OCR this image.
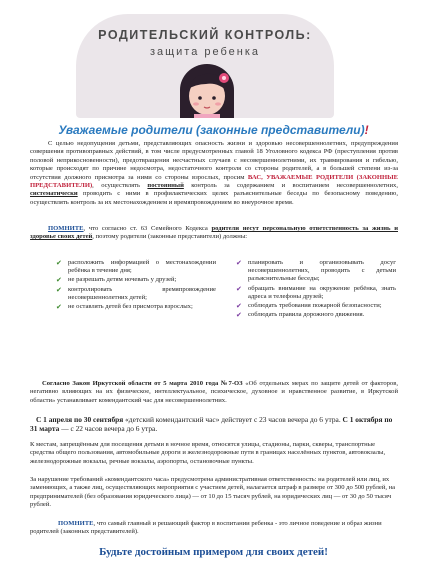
РОДИТЕЛЬСКИЙ КОНТРОЛЬ:
защита ребенка
Уважаемые родители (законные представители)!
С целью недопущения детьми, представляющих опасность жизни и здоровью несовершеннолетних, предупреждения совершения противоправных действий, в том числе предусмотренных главой 18 Уголовного кодекса РФ (преступления против половой неприкосновенности), предотвращения несчастных случаев с несовершеннолетними, их травмирования и гибелью, которые происходят по причине недосмотра, недостаточного контроля со стороны родителей, а в большей степени из-за отсутствия должного присмотра за ними со стороны взрослых, просим ВАС, УВАЖАЕМЫЕ РОДИТЕЛИ (ЗАКОННЫЕ ПРЕДСТАВИТЕЛИ), осуществлять постоянный контроль за содержанием и воспитанием несовершеннолетних, систематически проводить с ними в профилактических целях разъяснительные беседы по безопасному поведению, осуществлять контроль за их местонахождением и времяпровождением во внеурочное время.
ПОМНИТЕ, что согласно ст. 63 Семейного Кодекса родители несут персональную ответственность за жизнь и здоровье своих детей, поэтому родители (законные представители) должны:
✔ расположить информацией о местонахождении ребёнка в течение дня;
✔ не разрешать детям ночевать у друзей;
✔ контролировать времяпровождение несовершеннолетних детей;
✔ не оставлять детей без присмотра взрослых;
✔ планировать и организовывать досуг несовершеннолетних, проводить с детьми разъяснительные беседы;
✔ обращать внимание на окружение ребёнка, знать адреса и телефоны друзей;
✔ соблюдать требования пожарной безопасности;
✔ соблюдать правила дорожного движения.
Согласно Закон Иркутской области от 5 марта 2010 года №7-ОЗ «Об отдельных мерах по защите детей от факторов, негативно влияющих на их физическое, интеллектуальное, психическое, духовное и нравственное развитие, в Иркутской области» устанавливает комендантский час для несовершеннолетних.
С 1 апреля по 30 сентября «детский комендантский час» действует с 23 часов вечера до 6 утра. С 1 октября по 31 марта — с 22 часов вечера до 6 утра.
К местам, запрещённым для посещения детьми в ночное время, относятся улицы, стадионы, парки, скверы, транспортные средства общего пользования, автомобильные дороги и железнодорожные пути в границах населённых пунктов, автовокзалы, железнодорожные вокзалы, речные вокзалы, аэропорты, остановочные пункты.
За нарушение требований «комендантского часа» предусмотрена административная ответственность: на родителей или лиц, их заменяющих, а также лиц, осуществляющих мероприятия с участием детей, налагается штраф в размере от 300 до 500 рублей, на предпринимателей (без образования юридического лица) — от 10 до 15 тысяч рублей, на юридических лиц — от 30 до 50 тысяч рублей.
ПОМНИТЕ, что самый главный и решающий фактор в воспитании ребенка - это личное поведение и образ жизни родителей (законных представителей).
Будьте достойным примером для своих детей!
